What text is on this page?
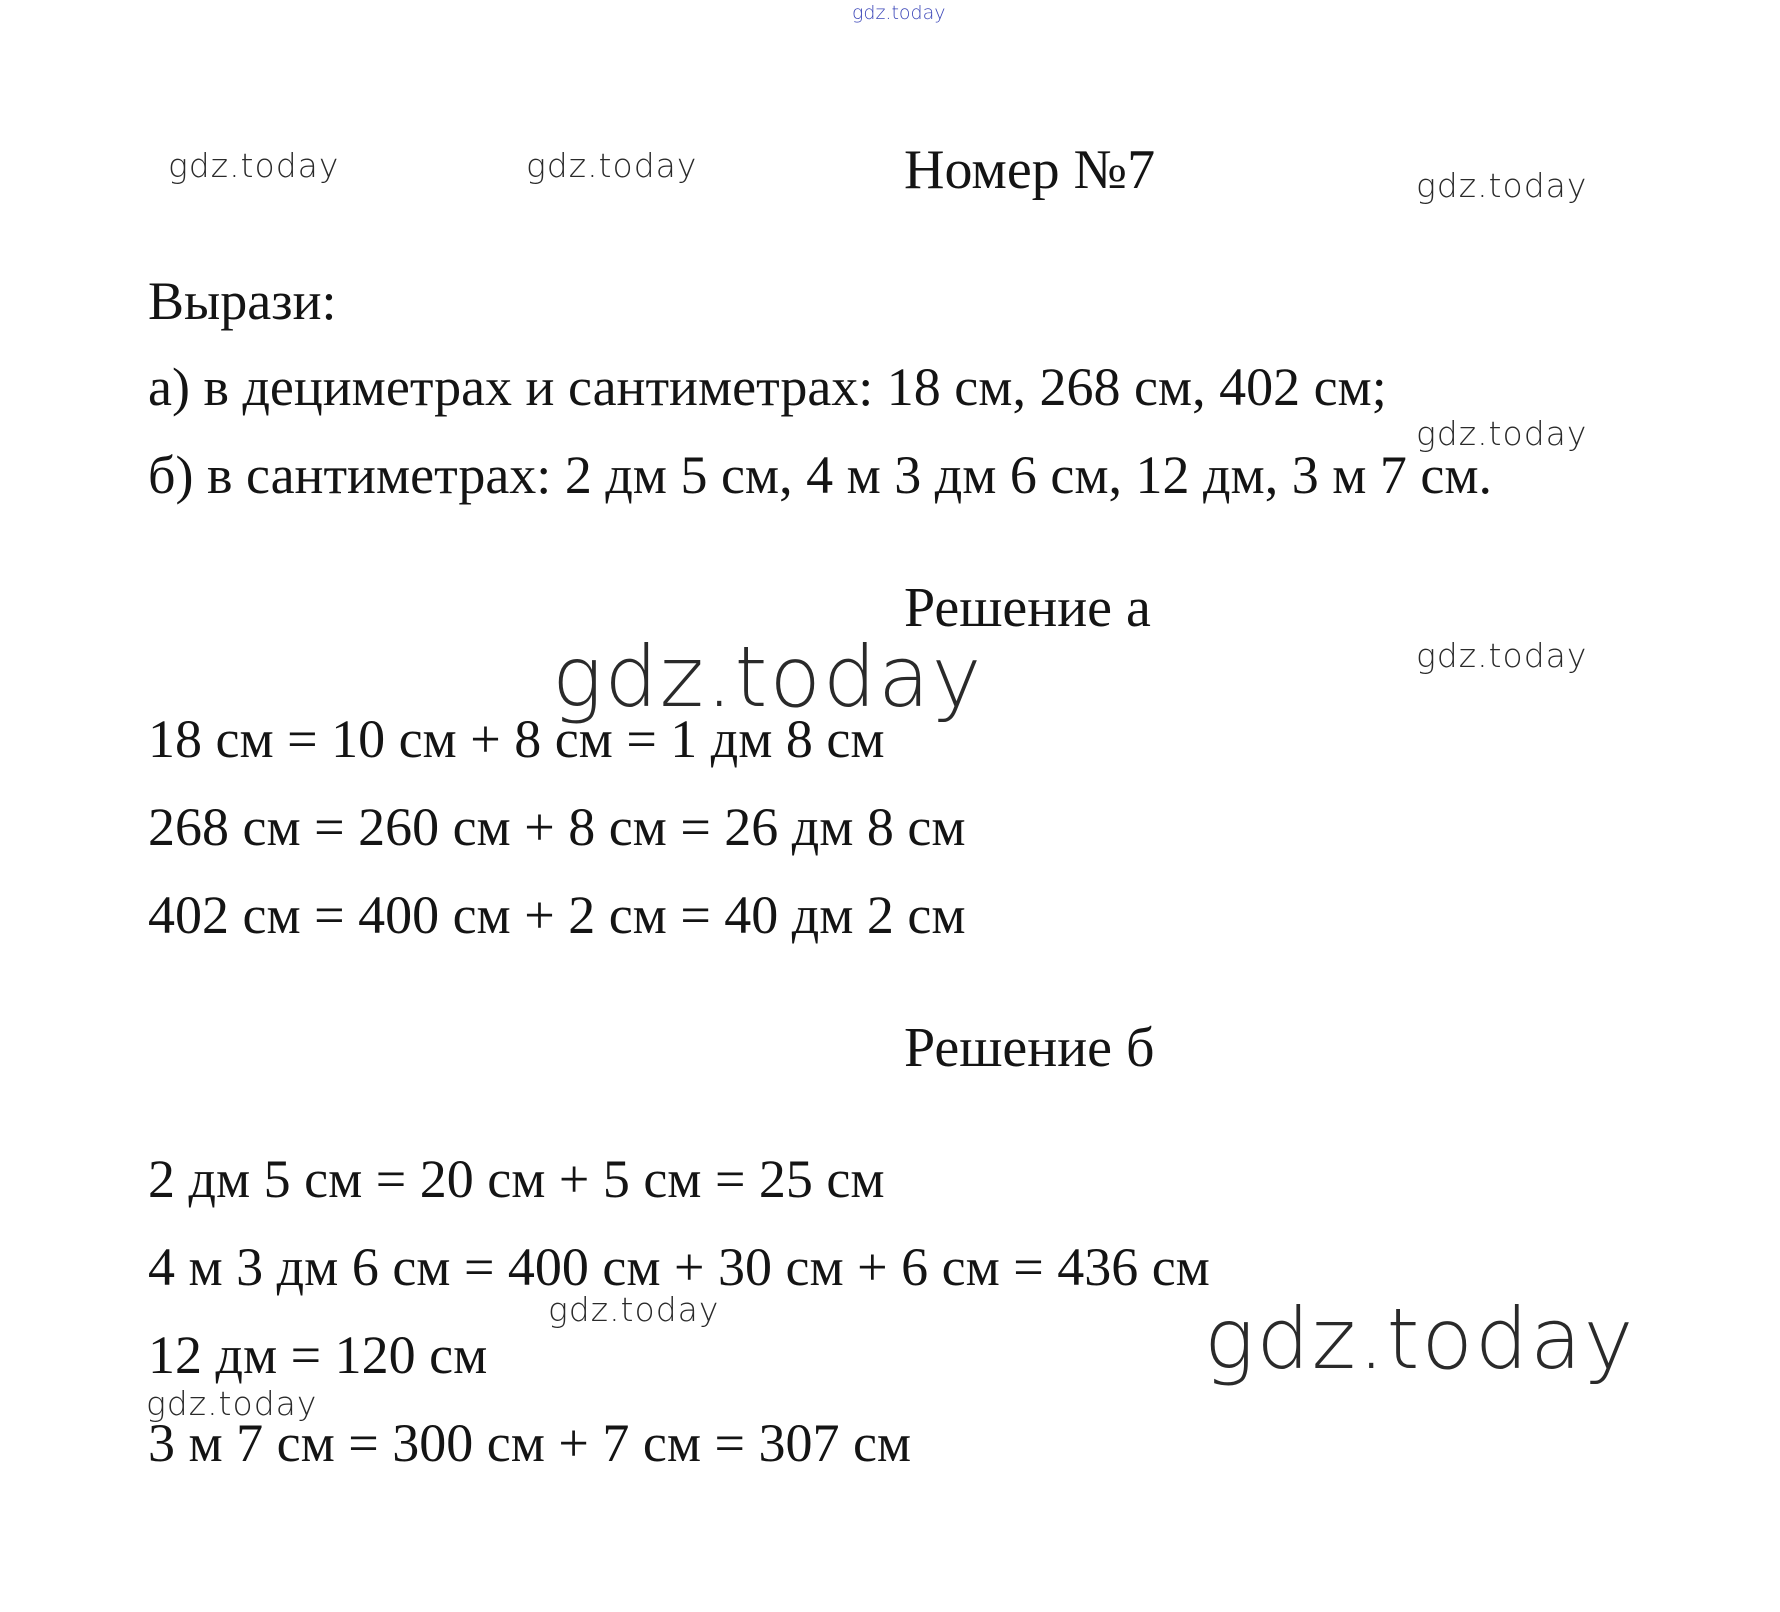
gdz.today
gdz.today	gdz.today
gdz.today
gdz.today
gdz.today	gdz.today
gdz.today	gdz.today
gdz.today
Номер №7
Вырази:
а) в дециметрах и сантиметрах: 18 см, 268 см, 402 см;
б) в сантиметрах: 2 дм 5 см, 4 м 3 дм 6 см, 12 дм, 3 м 7 см.
Решение а
18 см = 10 см + 8 см = 1 дм 8 см
268 см = 260 см + 8 см = 26 дм 8 см
402 см = 400 см + 2 см = 40 дм 2 см
Решение б
2 дм 5 см = 20 см + 5 см = 25 см
4 м 3 дм 6 см = 400 см + 30 см + 6 см = 436 см
12 дм = 120 см
3 м 7 см = 300 см + 7 см = 307 см
